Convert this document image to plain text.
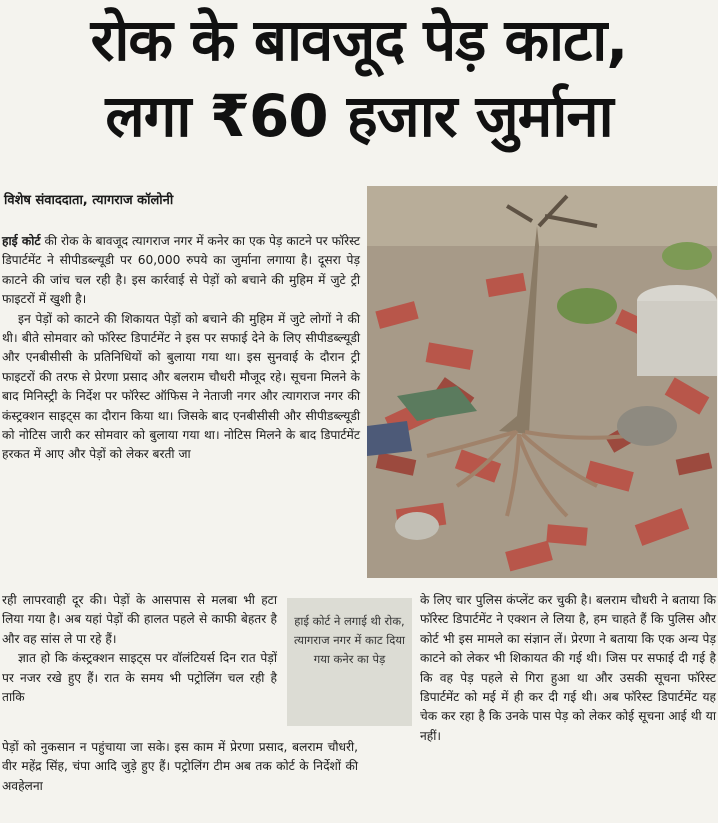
रोक के बावजूद पेड़ काटा,
लगा ₹60 हजार जुर्माना
विशेष संवाददाता, त्यागराज कॉलोनी

हाई कोर्ट की रोक के बावजूद त्यागराज नगर में कनेर का एक पेड़ काटने पर फॉरेस्ट डिपार्टमेंट ने सीपीडब्ल्यूडी पर 60,000 रुपये का जुर्माना लगाया है। दूसरा पेड़ काटने की जांच चल रही है। इस कार्रवाई से पेड़ों को बचाने की मुहिम में जुटे ट्री फाइटरों में खुशी है।

इन पेड़ों को काटने की शिकायत पेड़ों को बचाने की मुहिम में जुटे लोगों ने की थी। बीते सोमवार को फॉरेस्ट डिपार्टमेंट ने इस पर सफाई देने के लिए सीपीडब्ल्यूडी और एनबीसीसी के प्रतिनिधियों को बुलाया गया था। इस सुनवाई के दौरान ट्री फाइटरों की तरफ से प्रेरणा प्रसाद और बलराम चौधरी मौजूद रहे। सूचना मिलने के बाद मिनिस्ट्री के निर्देश पर फॉरेस्ट ऑफिस ने नेताजी नगर और त्यागराज नगर की कंस्ट्रक्शन साइट्स का दौरान किया था। जिसके बाद एनबीसीसी और सीपीडब्ल्यूडी को नोटिस जारी कर सोमवार को बुलाया गया था। नोटिस मिलने के बाद डिपार्टमेंट हरकत में आए और पेड़ों को लेकर बरती जा

रही लापरवाही दूर की। पेड़ों के आसपास से मलबा भी हटा लिया गया है। अब यहां पेड़ों की हालत पहले से काफी बेहतर है और वह सांस ले पा रहे हैं।

ज्ञात हो कि कंस्ट्रक्शन साइट्स पर वॉलंटियर्स दिन रात पेड़ों पर नजर रखे हुए हैं। रात के समय भी पट्रोलिंग चल रही है ताकि

पेड़ों को नुकसान न पहुंचाया जा सके। इस काम में प्रेरणा प्रसाद, बलराम चौधरी, वीर महेंद्र सिंह, चंपा आदि जुड़े हुए हैं। पट्रोलिंग टीम अब तक कोर्ट के निर्देशों की अवहेलना

हाई कोर्ट ने लगाई थी रोक, त्यागराज नगर में काट दिया गया कनेर का पेड़

के लिए चार पुलिस कंप्लेंट कर चुकी है। बलराम चौधरी ने बताया कि फॉरेस्ट डिपार्टमेंट ने एक्शन ले लिया है, हम चाहते हैं कि पुलिस और कोर्ट भी इस मामले का संज्ञान लें। प्रेरणा ने बताया कि एक अन्य पेड़ काटने को लेकर भी शिकायत की गई थी। जिस पर सफाई दी गई है कि वह पेड़ पहले से गिरा हुआ था और उसकी सूचना फॉरेस्ट डिपार्टमेंट को मई में ही कर दी गई थी। अब फॉरेस्ट डिपार्टमेंट यह चेक कर रहा है कि उनके पास पेड़ को लेकर कोई सूचना आई थी या नहीं।
